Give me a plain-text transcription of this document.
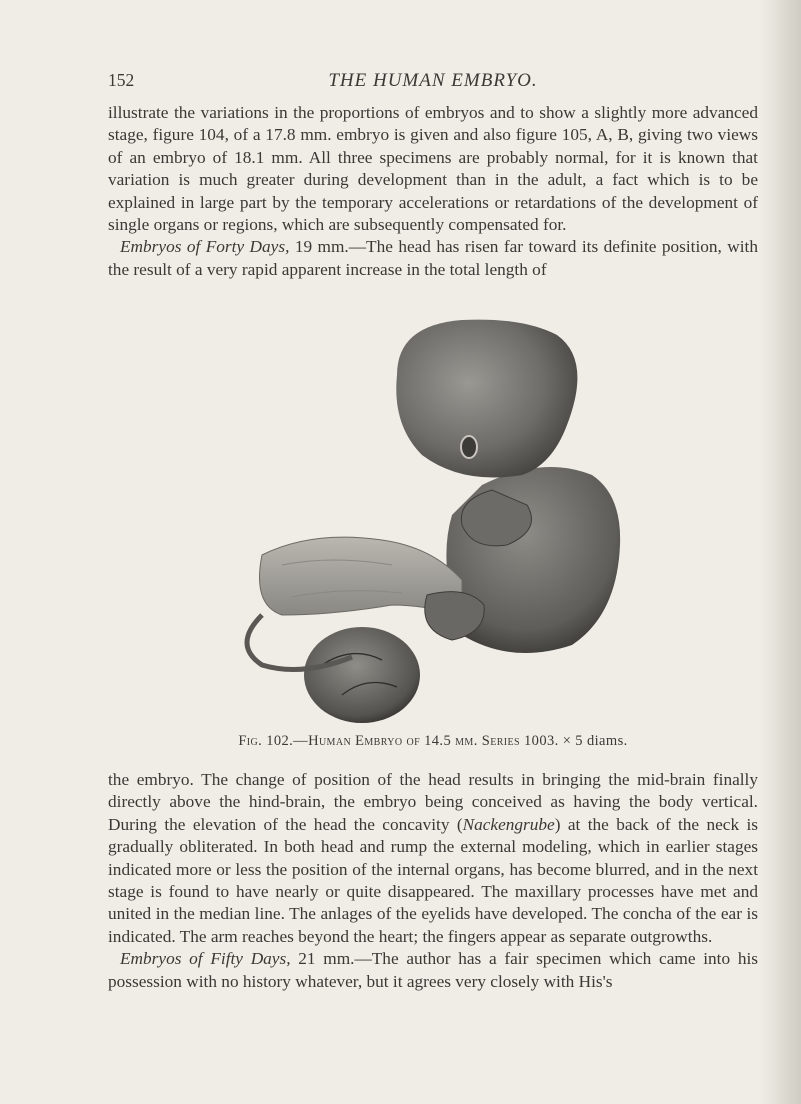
152	THE HUMAN EMBRYO.

illustrate the variations in the proportions of embryos and to show a slightly more advanced stage, figure 104, of a 17.8 mm. embryo is given and also figure 105, A, B, giving two views of an embryo of 18.1 mm. All three specimens are probably normal, for it is known that variation is much greater during development than in the adult, a fact which is to be explained in large part by the temporary accelerations or retardations of the development of single organs or regions, which are subsequently compensated for.

Embryos of Forty Days, 19 mm.—The head has risen far toward its definite position, with the result of a very rapid apparent increase in the total length of

Fig. 102.—Human Embryo of 14.5 mm. Series 1003. × 5 diams.

the embryo. The change of position of the head results in bringing the mid-brain finally directly above the hind-brain, the embryo being conceived as having the body vertical. During the elevation of the head the concavity (Nackengrube) at the back of the neck is gradually obliterated. In both head and rump the external modeling, which in earlier stages indicated more or less the position of the internal organs, has become blurred, and in the next stage is found to have nearly or quite disappeared. The maxillary processes have met and united in the median line. The anlages of the eyelids have developed. The concha of the ear is indicated. The arm reaches beyond the heart; the fingers appear as separate outgrowths.

Embryos of Fifty Days, 21 mm.—The author has a fair specimen which came into his possession with no history whatever, but it agrees very closely with His's
